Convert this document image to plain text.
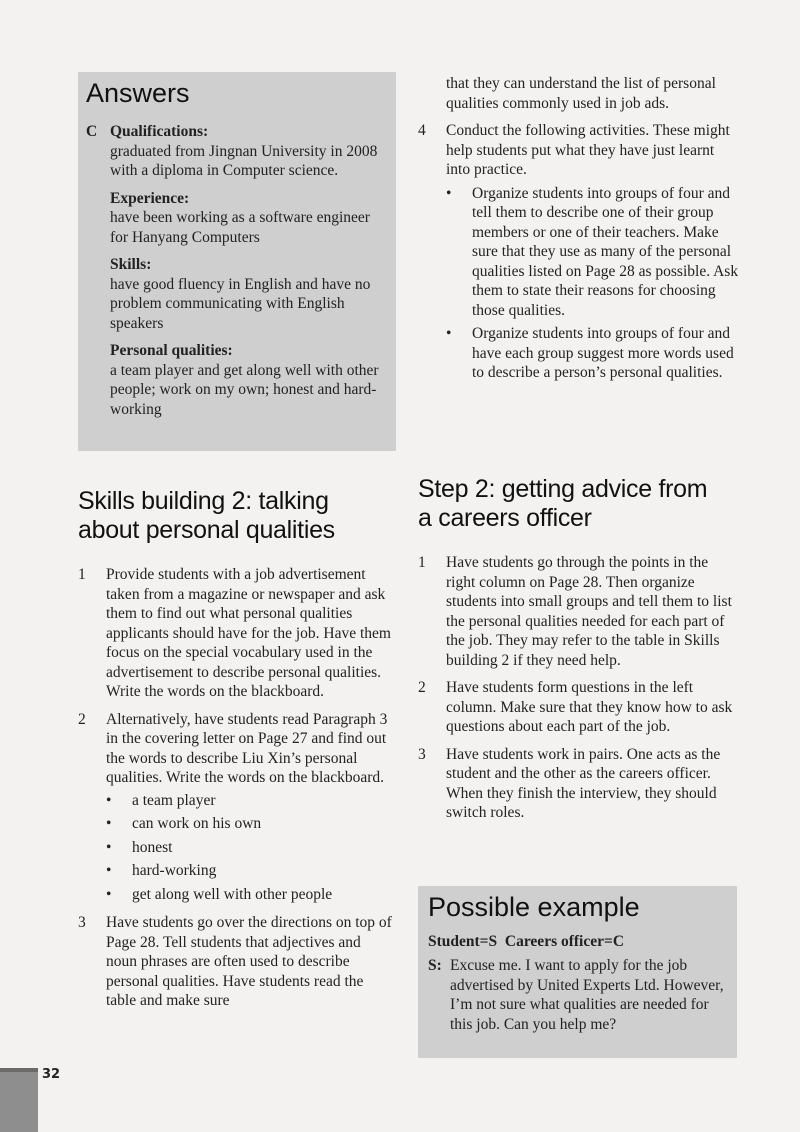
Answers
C Qualifications:
graduated from Jingnan University in 2008 with a diploma in Computer science.
Experience:
have been working as a software engineer for Hanyang Computers
Skills:
have good fluency in English and have no problem communicating with English speakers
Personal qualities:
a team player and get along well with other people; work on my own; honest and hard-working
Skills building 2: talking about personal qualities
1	Provide students with a job advertisement taken from a magazine or newspaper and ask them to find out what personal qualities applicants should have for the job. Have them focus on the special vocabulary used in the advertisement to describe personal qualities. Write the words on the blackboard.
2	Alternatively, have students read Paragraph 3 in the covering letter on Page 27 and find out the words to describe Liu Xin’s personal qualities. Write the words on the blackboard.
•	a team player
•	can work on his own
•	honest
•	hard-working
•	get along well with other people
3	Have students go over the directions on top of Page 28. Tell students that adjectives and noun phrases are often used to describe personal qualities. Have students read the table and make sure
that they can understand the list of personal qualities commonly used in job ads.
4	Conduct the following activities. These might help students put what they have just learnt into practice.
•	Organize students into groups of four and tell them to describe one of their group members or one of their teachers. Make sure that they use as many of the personal qualities listed on Page 28 as possible. Ask them to state their reasons for choosing those qualities.
•	Organize students into groups of four and have each group suggest more words used to describe a person’s personal qualities.
Step 2: getting advice from a careers officer
1	Have students go through the points in the right column on Page 28. Then organize students into small groups and tell them to list the personal qualities needed for each part of the job. They may refer to the table in Skills building 2 if they need help.
2	Have students form questions in the left column. Make sure that they know how to ask questions about each part of the job.
3	Have students work in pairs. One acts as the student and the other as the careers officer. When they finish the interview, they should switch roles.
Possible example
Student=S  Careers officer=C
S: Excuse me. I want to apply for the job advertised by United Experts Ltd. However, I’m not sure what qualities are needed for this job. Can you help me?
32
